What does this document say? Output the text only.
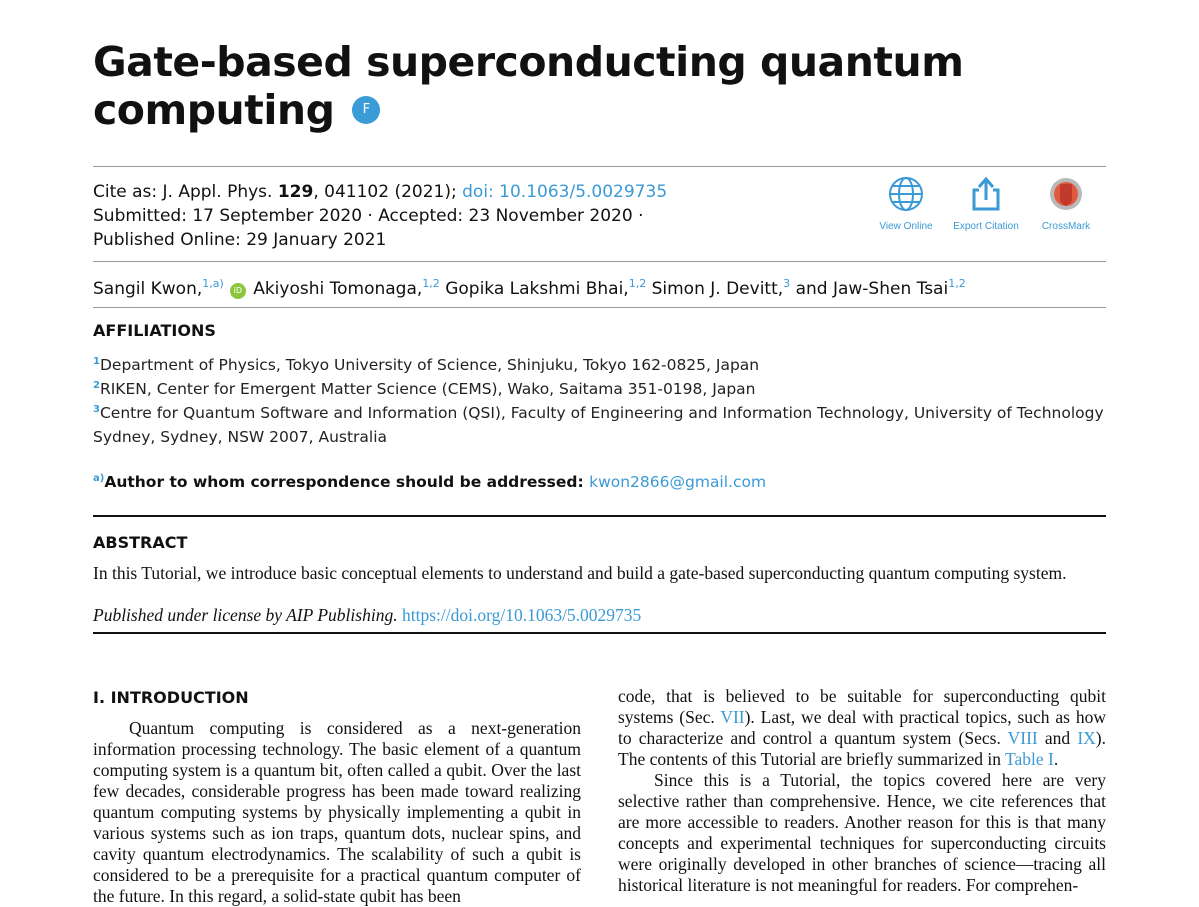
Gate-based superconducting quantum
computing F
Cite as: J. Appl. Phys. 129, 041102 (2021); doi: 10.1063/5.0029735
Submitted: 17 September 2020 · Accepted: 23 November 2020 ·
Published Online: 29 January 2021
View Online	Export Citation	CrossMark
Sangil Kwon,$^{1,a)}$iD Akiyoshi Tomonaga,$^{1,2}$ Gopika Lakshmi Bhai,$^{1,2}$ Simon J. Devitt,$^3$ and Jaw-Shen Tsai$^{1,2}$
AFFILIATIONS
$^1$Department of Physics, Tokyo University of Science, Shinjuku, Tokyo 162-0825, Japan
$^2$RIKEN, Center for Emergent Matter Science (CEMS), Wako, Saitama 351-0198, Japan
$^3$Centre for Quantum Software and Information (QSI), Faculty of Engineering and Information Technology, University of Technology Sydney, Sydney, NSW 2007, Australia
$^{a)}$Author to whom correspondence should be addressed: kwon2866@gmail.com
ABSTRACT

In this Tutorial, we introduce basic conceptual elements to understand and build a gate-based superconducting quantum computing system.

Published under license by AIP Publishing. https://doi.org/10.1063/5.0029735

I. INTRODUCTION

Quantum computing is considered as a next-generation information processing technology. The basic element of a quantum computing system is a quantum bit, often called a qubit. Over the last few decades, considerable progress has been made toward realizing quantum computing systems by physically implementing a qubit in various systems such as ion traps, quantum dots, nuclear spins, and cavity quantum electrodynamics. The scalability of such a qubit is considered to be a prerequisite for a practical quantum computer of the future. In this regard, a solid-state qubit has been

code, that is believed to be suitable for superconducting qubit systems (Sec. VII). Last, we deal with practical topics, such as how to characterize and control a quantum system (Secs. VIII and IX). The contents of this Tutorial are briefly summarized in Table I.

Since this is a Tutorial, the topics covered here are very selective rather than comprehensive. Hence, we cite references that are more accessible to readers. Another reason for this is that many concepts and experimental techniques for superconducting circuits were originally developed in other branches of science—tracing all historical literature is not meaningful for readers. For comprehen-
